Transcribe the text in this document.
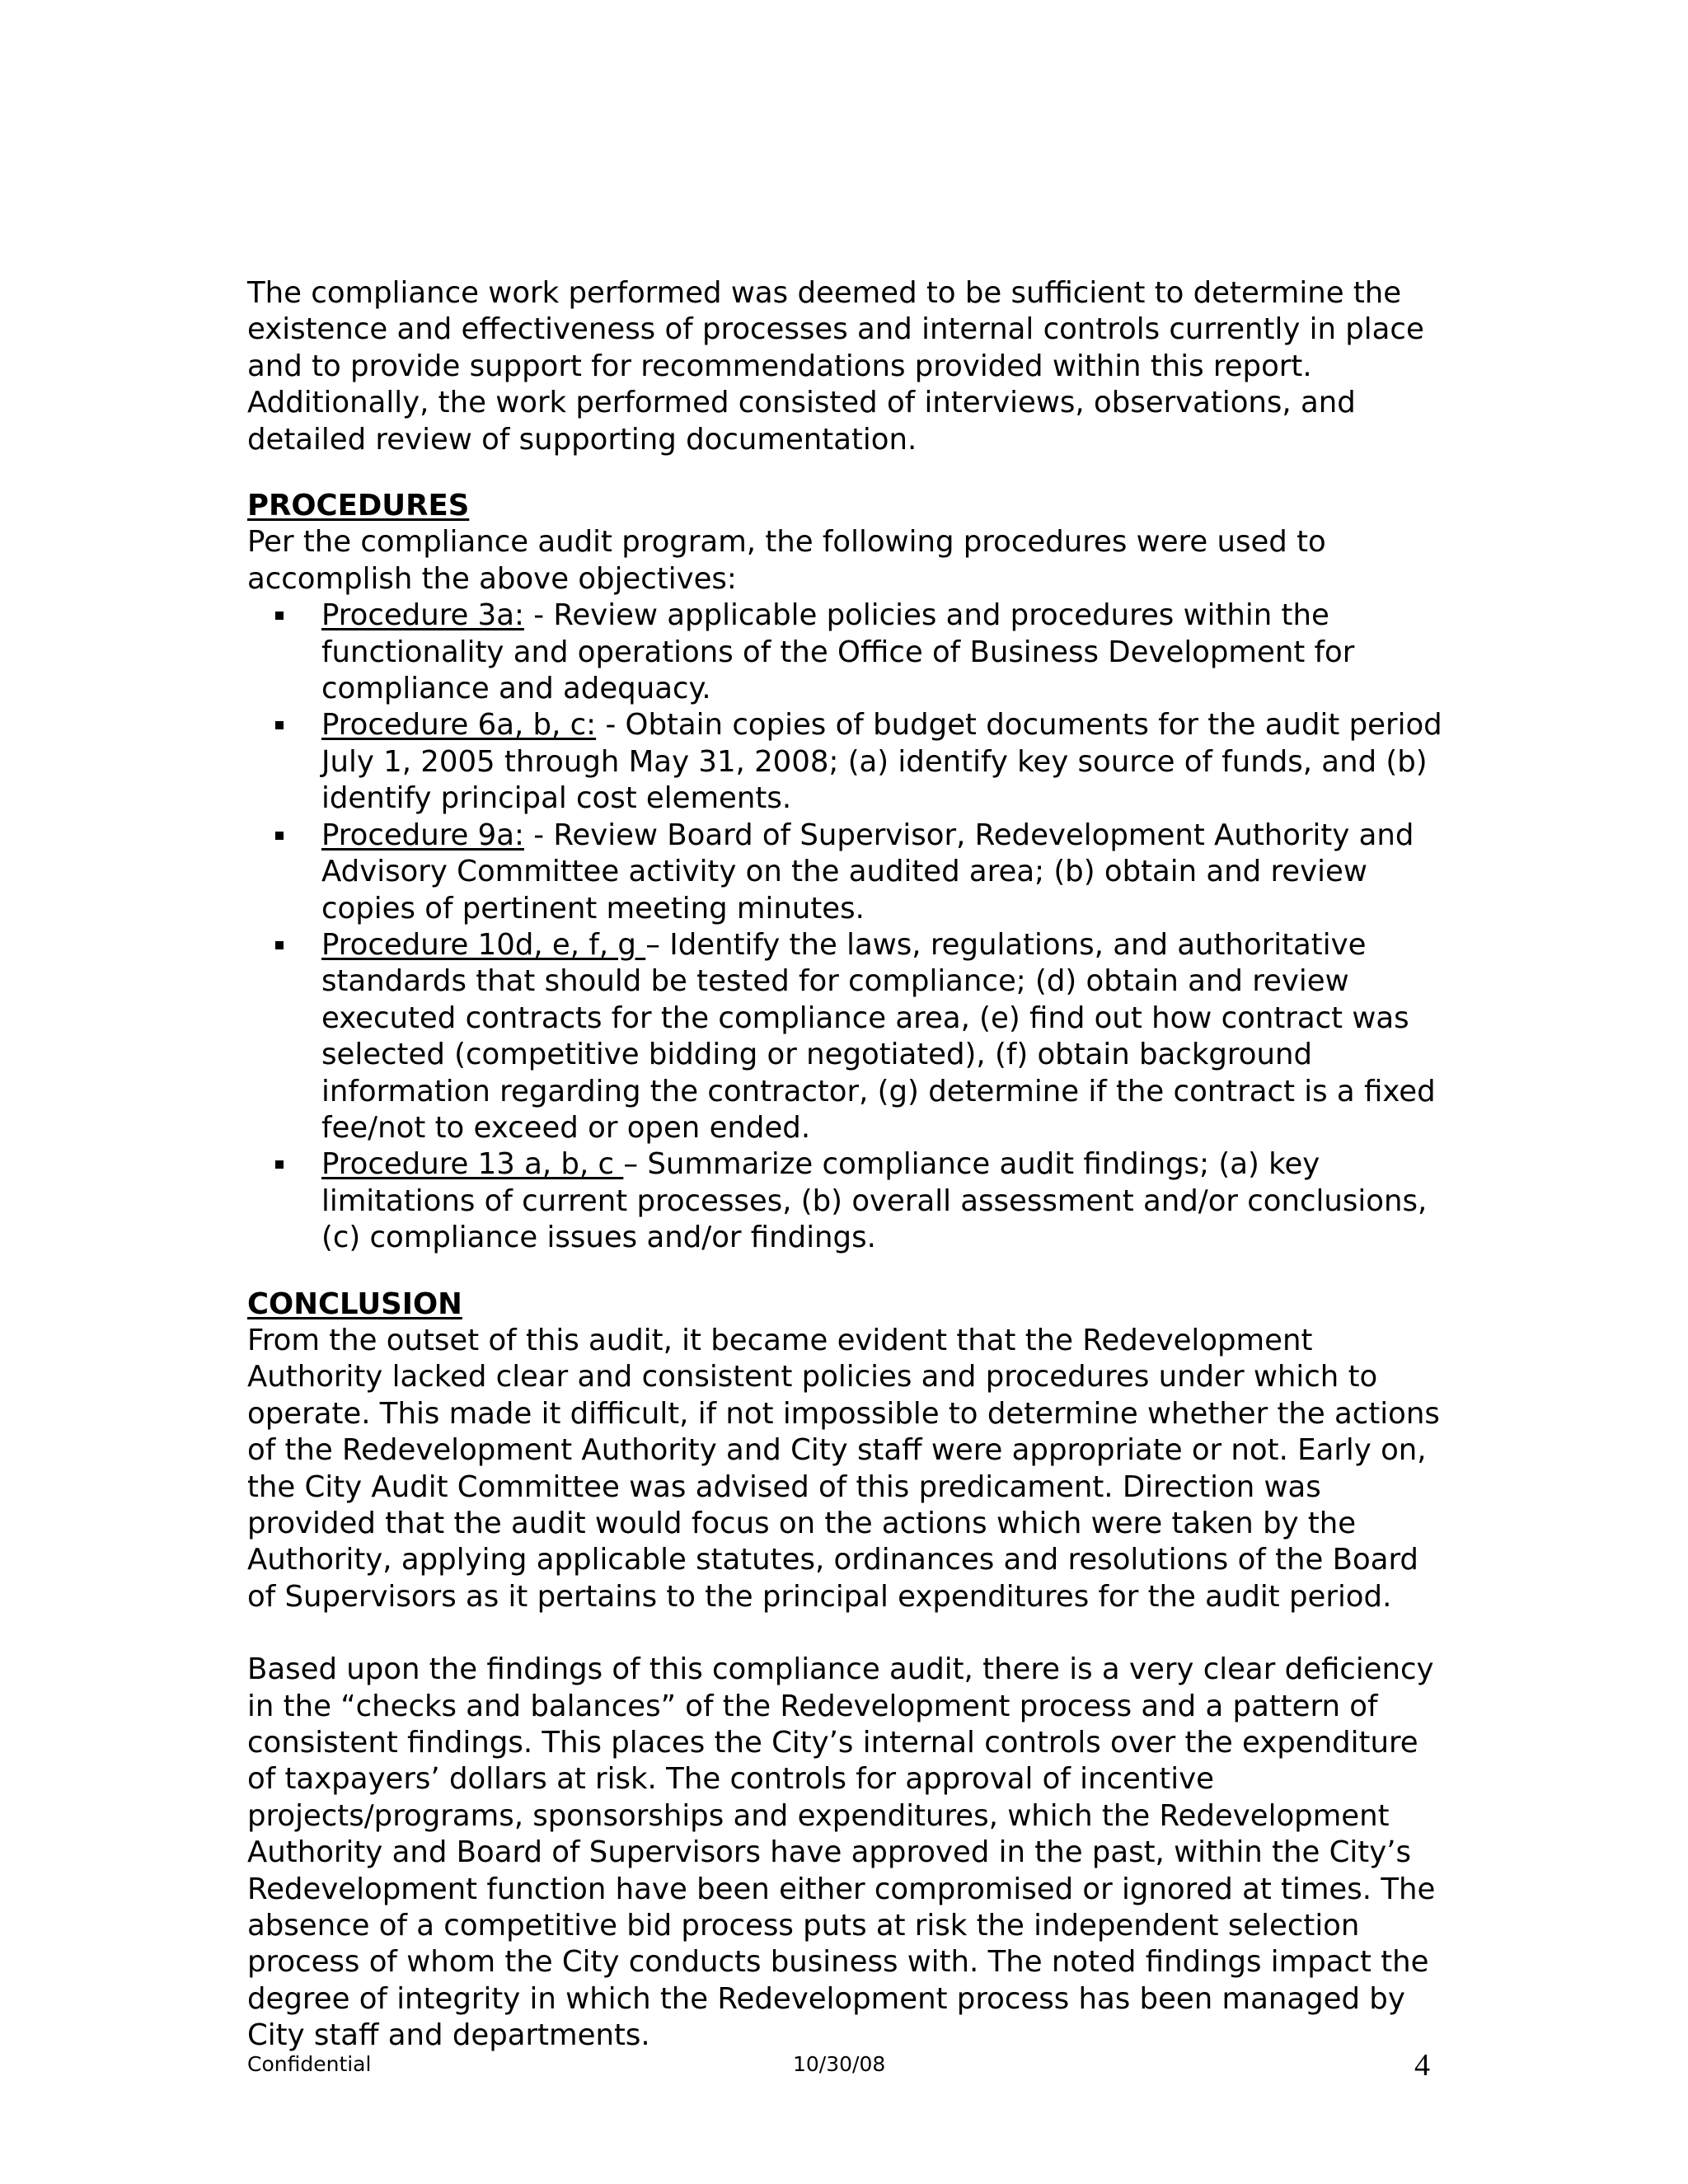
The compliance work performed was deemed to be sufficient to determine the existence and effectiveness of processes and internal controls currently in place and to provide support for recommendations provided within this report. Additionally, the work performed consisted of interviews, observations, and detailed review of supporting documentation.

PROCEDURES

Per the compliance audit program, the following procedures were used to accomplish the above objectives:

Procedure 3a: - Review applicable policies and procedures within the functionality and operations of the Office of Business Development for compliance and adequacy.
Procedure 6a, b, c: - Obtain copies of budget documents for the audit period July 1, 2005 through May 31, 2008; (a) identify key source of funds, and (b) identify principal cost elements.
Procedure 9a: - Review Board of Supervisor, Redevelopment Authority and Advisory Committee activity on the audited area; (b) obtain and review copies of pertinent meeting minutes.
Procedure 10d, e, f, g – Identify the laws, regulations, and authoritative standards that should be tested for compliance; (d) obtain and review executed contracts for the compliance area, (e) find out how contract was selected (competitive bidding or negotiated), (f) obtain background information regarding the contractor, (g) determine if the contract is a fixed fee/not to exceed or open ended.
Procedure 13 a, b, c – Summarize compliance audit findings; (a) key limitations of current processes, (b) overall assessment and/or conclusions, (c) compliance issues and/or findings.

CONCLUSION

From the outset of this audit, it became evident that the Redevelopment Authority lacked clear and consistent policies and procedures under which to operate. This made it difficult, if not impossible to determine whether the actions of the Redevelopment Authority and City staff were appropriate or not. Early on, the City Audit Committee was advised of this predicament. Direction was provided that the audit would focus on the actions which were taken by the Authority, applying applicable statutes, ordinances and resolutions of the Board of Supervisors as it pertains to the principal expenditures for the audit period.

Based upon the findings of this compliance audit, there is a very clear deficiency in the “checks and balances” of the Redevelopment process and a pattern of consistent findings. This places the City’s internal controls over the expenditure of taxpayers’ dollars at risk. The controls for approval of incentive projects/programs, sponsorships and expenditures, which the Redevelopment Authority and Board of Supervisors have approved in the past, within the City’s Redevelopment function have been either compromised or ignored at times. The absence of a competitive bid process puts at risk the independent selection process of whom the City conducts business with. The noted findings impact the degree of integrity in which the Redevelopment process has been managed by City staff and departments.

Confidential	10/30/08	4
